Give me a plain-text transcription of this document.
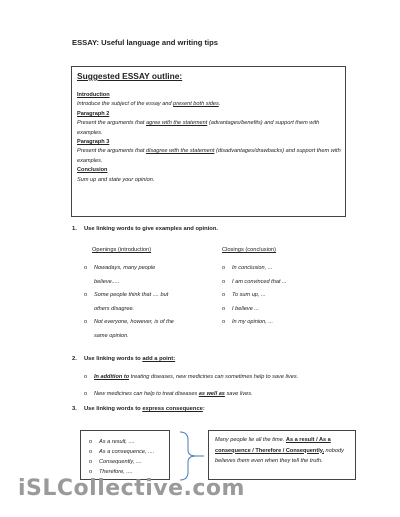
ESSAY: Useful language and writing tips
Suggested ESSAY outline:
Introduction
Introduce the subject of the essay and present both sides.
Paragraph 2
Present the arguments that agree with the statement (advantages/benefits) and support them with examples.
Paragraph 3
Present the arguments that disagree with the statement (disadvantages/drawbacks) and support them with examples.
Conclusion
Sum up and state your opinion.
1. Use linking words to give examples and opinion.
Openings (introduction)	Closings (conclusion)
o Nowadays, many people
believe.....
o Some people think that .... but
others disagree.
o Not everyone, however, is of the
same opinion.
o In conclusion, ...
o I am convinced that ...
o To sum up, ...
o I believe ...
o In my opinion, ...
2. Use linking words to add a point:
o In addition to treating diseases, new medicines can sometimes help to save lives.
o New medicines can help to treat diseases as well as save lives.
3. Use linking words to express consequence:
o As a result, ....
o As a consequence, ....
o Consequently, ....
o Therefore, ....
Many people lie all the time. As a result / As a consequence / Therefore / Consequently, nobody believes them even when they tell the truth.
iSLCollective.com
